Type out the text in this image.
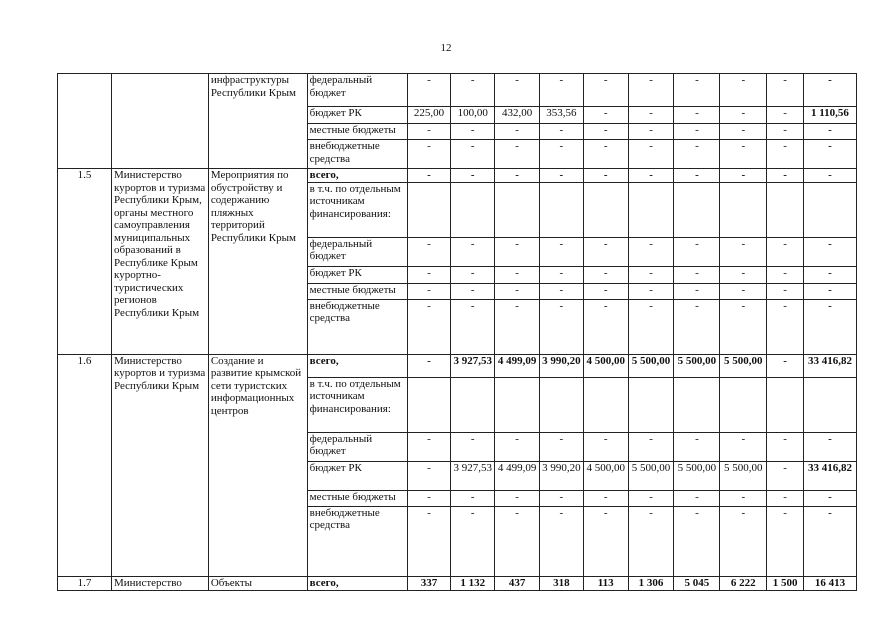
12
		инфраструктуры Республики Крым	федеральный бюджет	-	-	-	-	-	-	-	-	-	-
			бюджет РК	225,00	100,00	432,00	353,56	-	-	-	-	-	1 110,56
			местные бюджеты	-	-	-	-	-	-	-	-	-	-
			внебюджетные средства	-	-	-	-	-	-	-	-	-	-
1.5	Министерство курортов и туризма Республики Крым, органы местного самоуправления муниципальных образований в Республике Крым курортно-туристических регионов Республики Крым	Мероприятия по обустройству и содержанию пляжных территорий Республики Крым	всего,	-	-	-	-	-	-	-	-	-	-
			в т.ч. по отдельным источникам финансирования:										
			федеральный бюджет	-	-	-	-	-	-	-	-	-	-
			бюджет РК	-	-	-	-	-	-	-	-	-	-
			местные бюджеты	-	-	-	-	-	-	-	-	-	-
			внебюджетные средства	-	-	-	-	-	-	-	-	-	-
1.6	Министерство курортов и туризма Республики Крым	Создание и развитие крымской сети туристских информационных центров	всего,	-	3 927,53	4 499,09	3 990,20	4 500,00	5 500,00	5 500,00	5 500,00	-	33 416,82
			в т.ч. по отдельным источникам финансирования:										
			федеральный бюджет	-	-	-	-	-	-	-	-	-	-
			бюджет РК	-	3 927,53	4 499,09	3 990,20	4 500,00	5 500,00	5 500,00	5 500,00	-	33 416,82
			местные бюджеты	-	-	-	-	-	-	-	-	-	-
			внебюджетные средства	-	-	-	-	-	-	-	-	-	-
1.7	Министерство	Объекты	всего,	337	1 132	437	318	113	1 306	5 045	6 222	1 500	16 413
